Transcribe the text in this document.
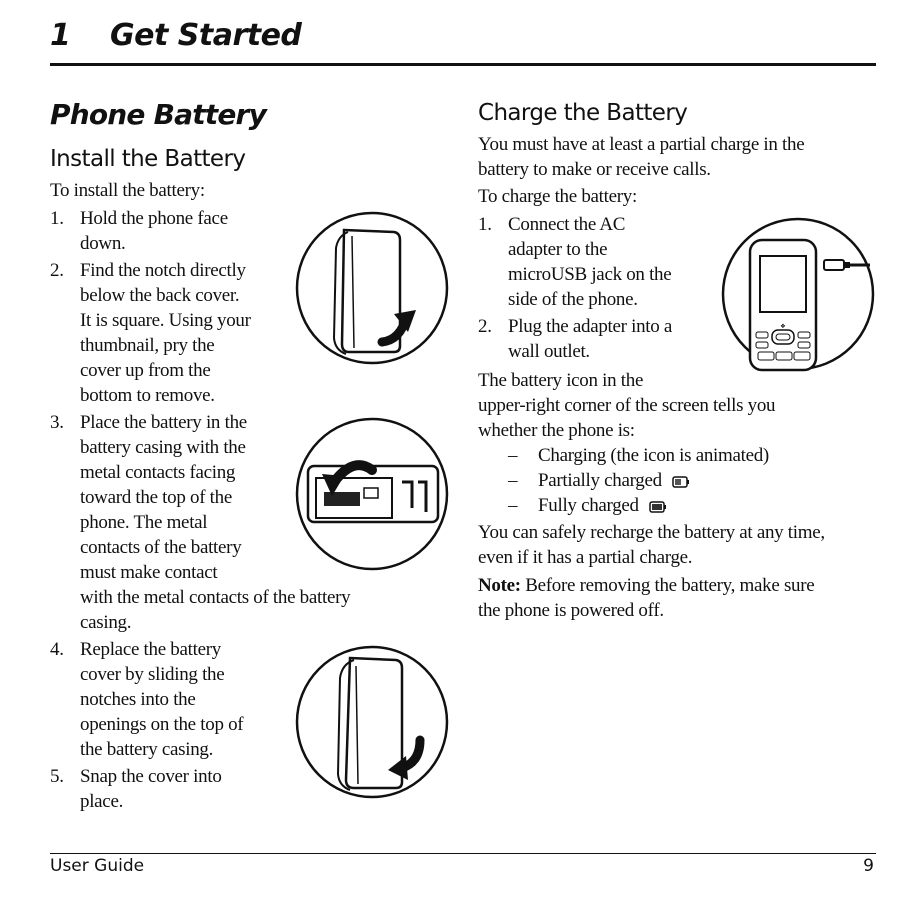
1 Get Started
Phone Battery
Install the Battery
To install the battery:
1. Hold the phone face
down.
2. Find the notch directly
below the back cover.
It is square. Using your
thumbnail, pry the
cover up from the
bottom to remove.
3. Place the battery in the
battery casing with the
metal contacts facing
toward the top of the
phone. The metal
contacts of the battery
must make contact
with the metal contacts of the battery
casing.
4. Replace the battery
cover by sliding the
notches into the
openings on the top of
the battery casing.
5. Snap the cover into
place.
Charge the Battery
You must have at least a partial charge in the
battery to make or receive calls.
To charge the battery:
1. Connect the AC
adapter to the
microUSB jack on the
side of the phone.
2. Plug the adapter into a
wall outlet.
❖
The battery icon in the
upper-right corner of the screen tells you
whether the phone is:
– Charging (the icon is animated)
– Partially charged
– Fully charged
You can safely recharge the battery at any time,
even if it has a partial charge.
Note: Before removing the battery, make sure
the phone is powered off.
User Guide	9
